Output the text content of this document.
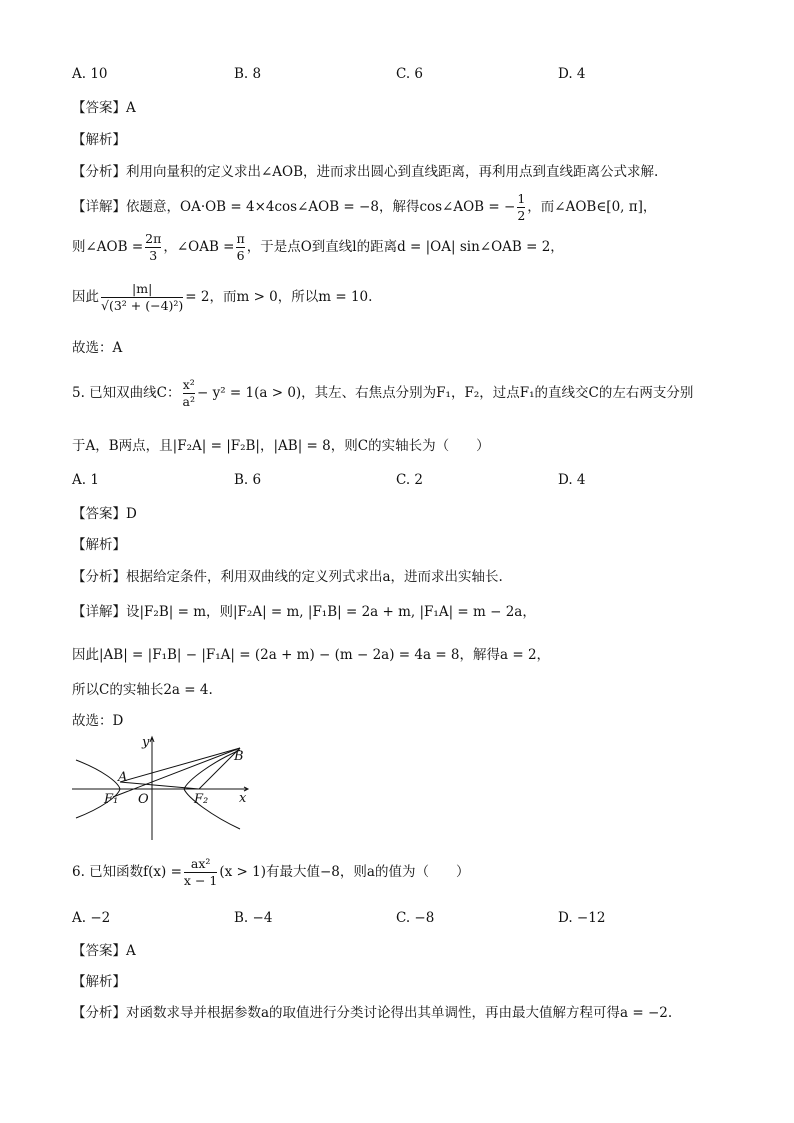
A. 10	B. 8	C. 6	D. 4
【答案】A
【解析】
【分析】利用向量积的定义求出∠AOB，进而求出圆心到直线距离，再利用点到直线距离公式求解.
【详解】依题意，OA·OB = 4×4cos∠AOB = −8，解得cos∠AOB = − $\frac{1}{2}$ ，而∠AOB∈[0, π]，
则∠AOB = $\frac{2\pi}{3}$ ，∠OAB = $\frac{\pi}{6}$ ，于是点O到直线l的距离d = |OA| sin∠OAB = 2，
因此 $\frac{|m|}{\text{√(3² + (−4)²)}} = 2$，而m > 0，所以m = 10.
故选：A
5. 已知双曲线C： $\frac{\text{x²}}{\text{a²}} - y^2 = 1(a > 0)$，其左、右焦点分别为F₁，F₂，过点F₁的直线交C的左右两支分别
于A，B两点，且|F₂A| = |F₂B|，|AB| = 8，则C的实轴长为（　　）
A. 1	B. 6	C. 2	D. 4
【答案】D
【解析】
【分析】根据给定条件，利用双曲线的定义列式求出a，进而求出实轴长.
【详解】设|F₂B| = m，则|F₂A| = m, |F₁B| = 2a + m, |F₁A| = m − 2a，
因此|AB| = |F₁B| − |F₁A| = (2a + m) − (m − 2a) = 4a = 8，解得a = 2，
所以C的实轴长2a = 4.
故选：D
y
x
A
B
O
F₁	F₂
6. 已知函数$f(x) = \frac{\text{ax²}}{x - 1} (x > 1)$有最大值−8，则a的值为（　　）
A. −2	B. −4	C. −8	D. −12
【答案】A
【解析】
【分析】对函数求导并根据参数a的取值进行分类讨论得出其单调性，再由最大值解方程可得a = −2.
